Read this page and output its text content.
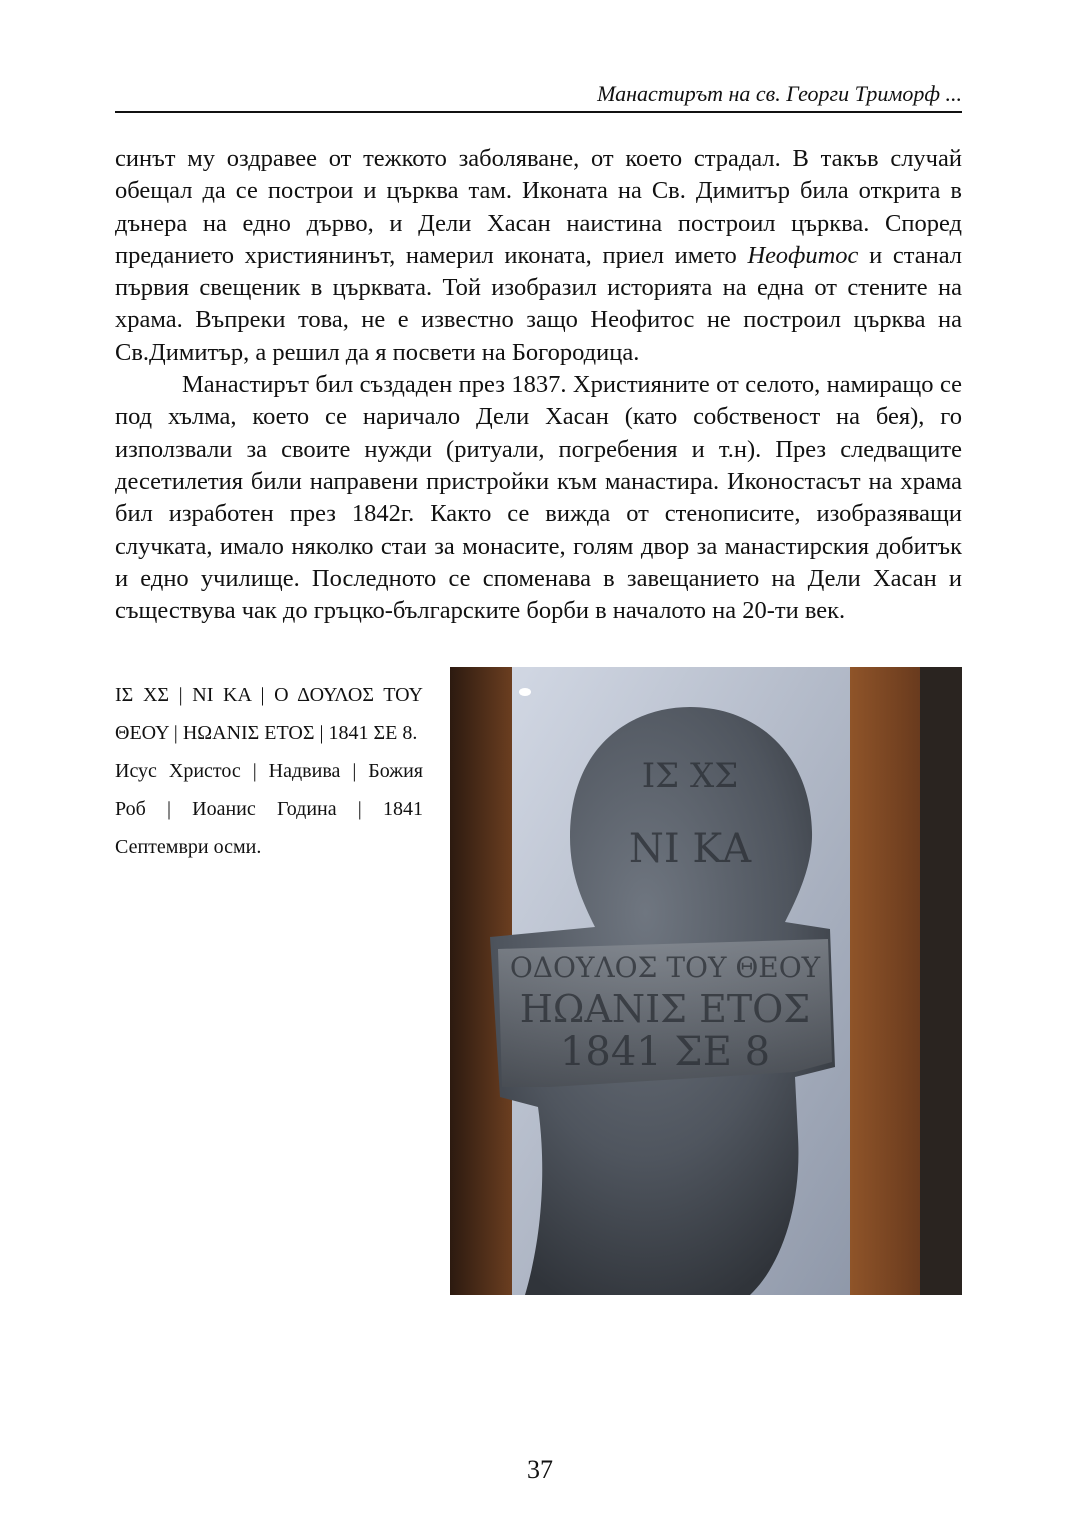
Манастирът на св. Георги Триморф ...

синът му оздравее от тежкото заболяване, от което страдал. В такъв случай обещал да се построи и църква там. Иконата на Св. Димитър била открита в дънера на едно дърво, и Дели Хасан наистина построил църква. Според преданието християнинът, намерил иконата, приел името Неофитос и станал първия свещеник в църквата. Той изобразил историята на една от стените на храма. Въпреки това, не е известно защо Неофитос не построил църква на Св.Димитър, а решил да я посвети на Богородица.

Манастирът бил създаден през 1837. Християните от селото, намиращо се под хълма, което се наричало Дели Хасан (като собственост на бея), го използвали за своите нужди (ритуали, погребения и т.н). През следващите десетилетия били направени пристройки към манастира. Иконостасът на храма бил изработен през 1842г. Както се вижда от стенописите, изобразяващи случката, имало няколко стаи за монасите, голям двор за манастирския добитък и едно училище. Последното се споменава в завещанието на Дели Хасан и съществува чак до гръцко-българските борби в началото на 20-ти век.

ΙΣ ΧΣ | ΝΙ ΚΑ | Ο ΔΟΥΛΟΣ ΤΟΥ ΘΕΟΥ | ΗΩΑΝΙΣ ΕΤΟΣ | 1841 ΣΕ 8.

Исус Христос | Надвива | Божия Роб | Иоанис Година | 1841 Септември осми.

ΙΣ ΧΣ
ΝΙ ΚΑ
ΟΔΟΥΛΟΣ ΤΟΥ ΘΕΟΥ
ΗΩΑΝΙΣ ΕΤΟΣ
1841 ΣΕ 8
37
